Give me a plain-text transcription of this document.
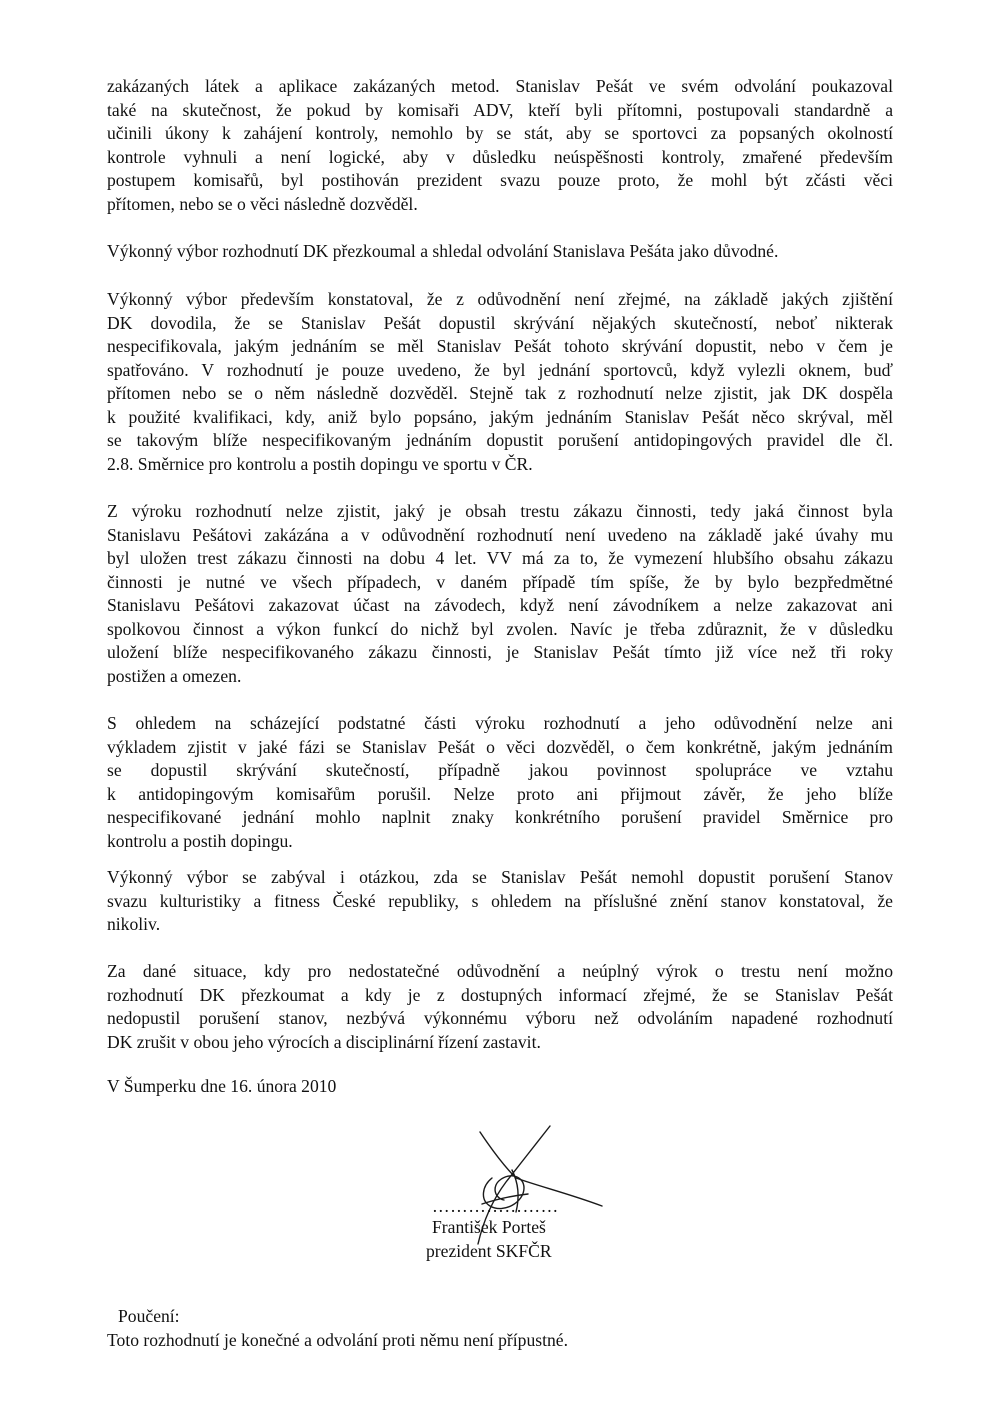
zakázaných látek a aplikace zakázaných metod. Stanislav Pešát ve svém odvolání poukazoval
také na skutečnost, že pokud by komisaři ADV, kteří byli přítomni, postupovali standardně a
učinili úkony k zahájení kontroly, nemohlo by se stát, aby se sportovci za popsaných okolností
kontrole vyhnuli a není logické, aby v důsledku neúspěšnosti kontroly, zmařené především
postupem komisařů, byl postihován prezident svazu pouze proto, že mohl být zčásti věci
přítomen, nebo se o věci následně dozvěděl.
Výkonný výbor rozhodnutí DK přezkoumal a shledal odvolání Stanislava Pešáta jako důvodné.
Výkonný výbor především konstatoval, že z odůvodnění není zřejmé, na základě jakých zjištění
DK dovodila, že se Stanislav Pešát dopustil skrývání nějakých skutečností, neboť nikterak
nespecifikovala, jakým jednáním se měl Stanislav Pešát tohoto skrývání dopustit, nebo v čem je
spatřováno. V rozhodnutí je pouze uvedeno, že byl jednání sportovců, když vylezli oknem, buď
přítomen nebo se o něm následně dozvěděl. Stejně tak z rozhodnutí nelze zjistit, jak DK dospěla
k použité kvalifikaci, kdy, aniž bylo popsáno, jakým jednáním Stanislav Pešát něco skrýval, měl
se takovým blíže nespecifikovaným jednáním dopustit porušení antidopingových pravidel dle čl.
2.8. Směrnice pro kontrolu a postih dopingu ve sportu v ČR.
Z výroku rozhodnutí nelze zjistit, jaký je obsah trestu zákazu činnosti, tedy jaká činnost byla
Stanislavu Pešátovi zakázána a v odůvodnění rozhodnutí není uvedeno na základě jaké úvahy mu
byl uložen trest zákazu činnosti na dobu 4 let. VV má za to, že vymezení hlubšího obsahu zákazu
činnosti je nutné ve všech případech, v daném případě tím spíše, že by bylo bezpředmětné
Stanislavu Pešátovi zakazovat účast na závodech, když není závodníkem a nelze zakazovat ani
spolkovou činnost a výkon funkcí do nichž byl zvolen. Navíc je třeba zdůraznit, že v důsledku
uložení blíže nespecifikovaného zákazu činnosti, je Stanislav Pešát tímto již více než tři roky
postižen a omezen.
S ohledem na scházející podstatné části výroku rozhodnutí a jeho odůvodnění nelze ani
výkladem zjistit v jaké fázi se Stanislav Pešát o věci dozvěděl, o čem konkrétně, jakým jednáním
se dopustil skrývání skutečností, případně jakou povinnost spolupráce ve vztahu
k antidopingovým komisařům porušil. Nelze proto ani přijmout závěr, že jeho blíže
nespecifikované jednání mohlo naplnit znaky konkrétního porušení pravidel Směrnice pro
kontrolu a postih dopingu.
Výkonný výbor se zabýval i otázkou, zda se Stanislav Pešát nemohl dopustit porušení Stanov
svazu kulturistiky a fitness České republiky, s ohledem na příslušné znění stanov konstatoval, že
nikoliv.
Za dané situace, kdy pro nedostatečné odůvodnění a neúplný výrok o trestu není možno
rozhodnutí DK přezkoumat a kdy je z dostupných informací zřejmé, že se Stanislav Pešát
nedopustil porušení stanov, nezbývá výkonnému výboru než odvoláním napadené rozhodnutí
DK zrušit v obou jeho výrocích a disciplinární řízení zastavit.
V Šumperku dne 16. února 2010
…………………
František Porteš
prezident SKFČR
Poučení:
Toto rozhodnutí je konečné a odvolání proti němu není přípustné.
